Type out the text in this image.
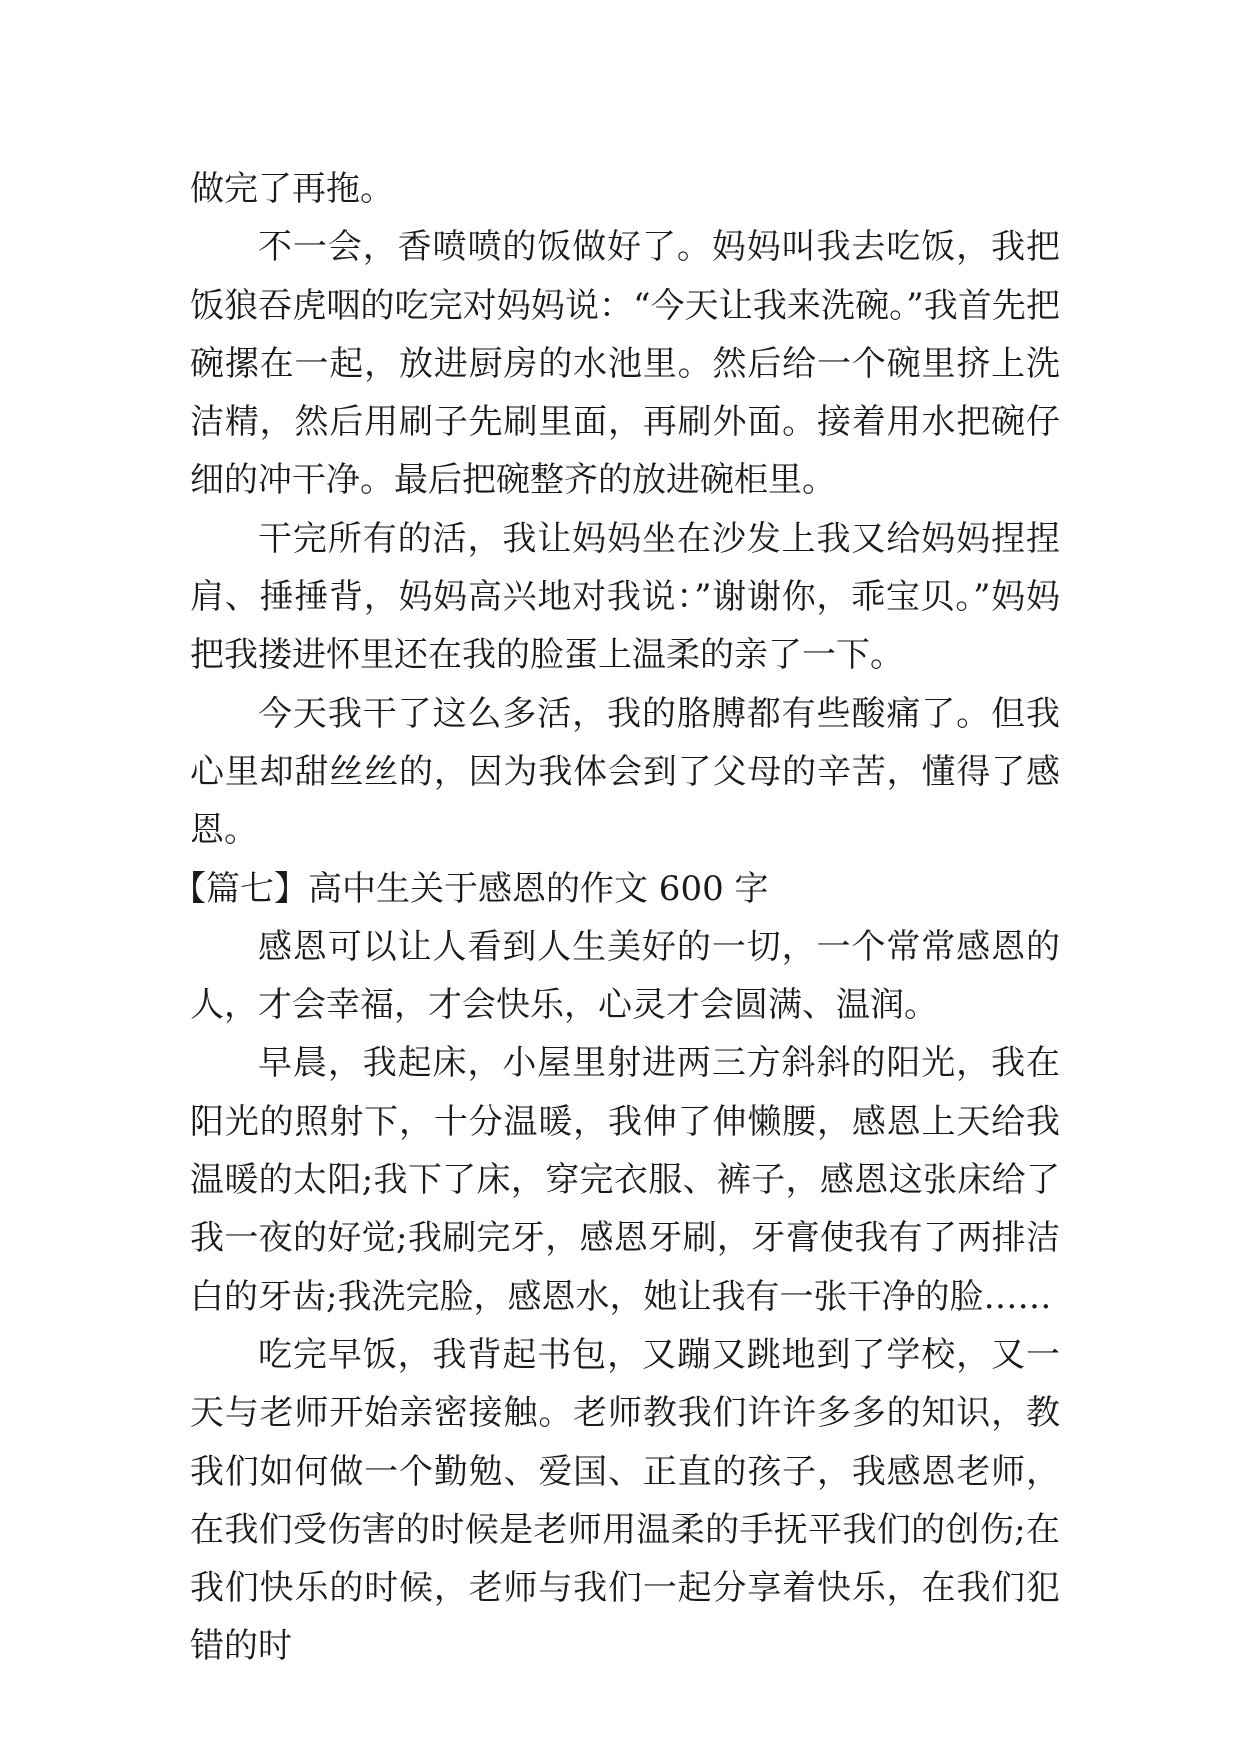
做完了再拖。

不一会，香喷喷的饭做好了。妈妈叫我去吃饭，我把饭狼吞虎咽的吃完对妈妈说：“今天让我来洗碗。”我首先把碗摞在一起，放进厨房的水池里。然后给一个碗里挤上洗洁精，然后用刷子先刷里面，再刷外面。接着用水把碗仔细的冲干净。最后把碗整齐的放进碗柜里。

干完所有的活，我让妈妈坐在沙发上我又给妈妈捏捏肩、捶捶背，妈妈高兴地对我说：”谢谢你，乖宝贝。”妈妈把我搂进怀里还在我的脸蛋上温柔的亲了一下。

今天我干了这么多活，我的胳膊都有些酸痛了。但我心里却甜丝丝的，因为我体会到了父母的辛苦，懂得了感恩。

【篇七】高中生关于感恩的作文 600 字

感恩可以让人看到人生美好的一切，一个常常感恩的人，才会幸福，才会快乐，心灵才会圆满、温润。

早晨，我起床，小屋里射进两三方斜斜的阳光，我在阳光的照射下，十分温暖，我伸了伸懒腰，感恩上天给我温暖的太阳;我下了床，穿完衣服、裤子，感恩这张床给了我一夜的好觉;我刷完牙，感恩牙刷，牙膏使我有了两排洁白的牙齿;我洗完脸，感恩水，她让我有一张干净的脸……

吃完早饭，我背起书包，又蹦又跳地到了学校，又一天与老师开始亲密接触。老师教我们许许多多的知识，教我们如何做一个勤勉、爱国、正直的孩子，我感恩老师，在我们受伤害的时候是老师用温柔的手抚平我们的创伤;在我们快乐的时候，老师与我们一起分享着快乐，在我们犯错的时
